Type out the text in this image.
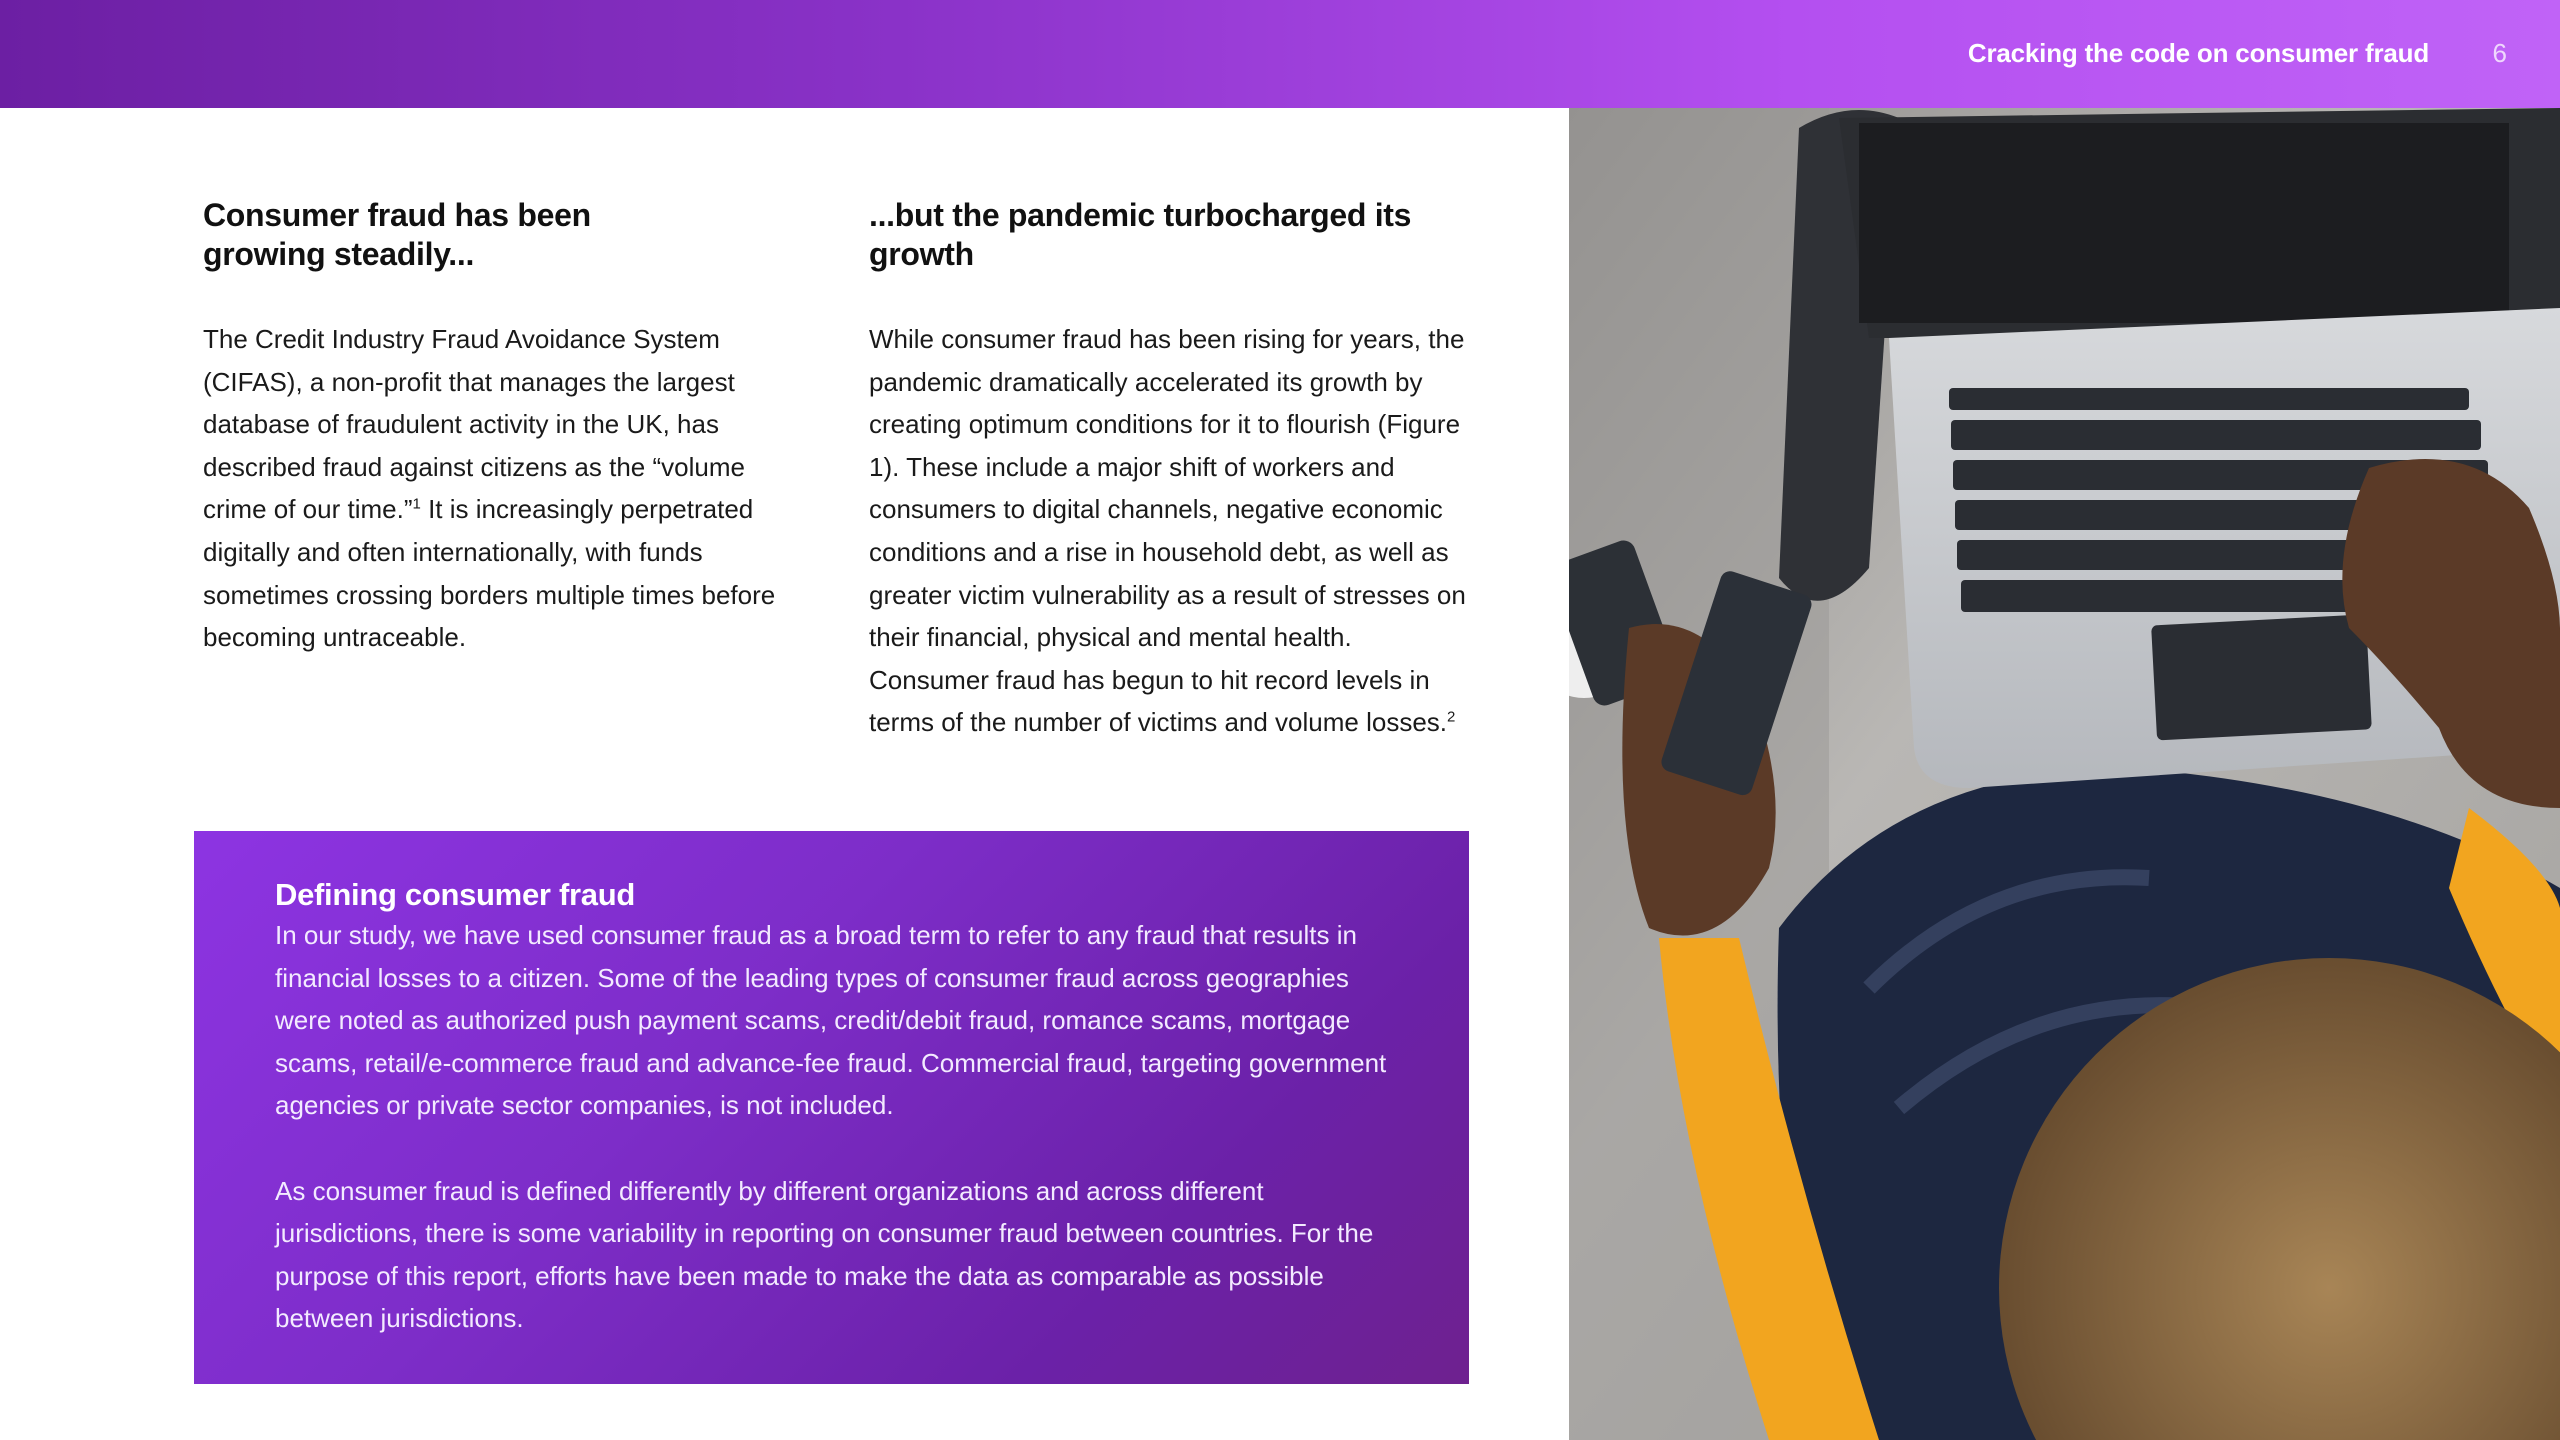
Cracking the code on consumer fraud 6
Consumer fraud has been
growing steadily...

The Credit Industry Fraud Avoidance System (CIFAS), a non-profit that manages the largest database of fraudulent activity in the UK, has described fraud against citizens as the “volume crime of our time.”$^1$ It is increasingly perpetrated digitally and often internationally, with funds sometimes crossing borders multiple times before becoming untraceable.

...but the pandemic turbocharged its growth

While consumer fraud has been rising for years, the pandemic dramatically accelerated its growth by creating optimum conditions for it to flourish (Figure 1). These include a major shift of workers and consumers to digital channels, negative economic conditions and a rise in household debt, as well as greater victim vulnerability as a result of stresses on their financial, physical and mental health. Consumer fraud has begun to hit record levels in terms of the number of victims and volume losses.$^2$

Defining consumer fraud

In our study, we have used consumer fraud as a broad term to refer to any fraud that results in financial losses to a citizen. Some of the leading types of consumer fraud across geographies were noted as authorized push payment scams, credit/debit fraud, romance scams, mortgage scams, retail/e-commerce fraud and advance-fee fraud. Commercial fraud, targeting government agencies or private sector companies, is not included.

As consumer fraud is defined differently by different organizations and across different jurisdictions, there is some variability in reporting on consumer fraud between countries. For the purpose of this report, efforts have been made to make the data as comparable as possible between jurisdictions.
